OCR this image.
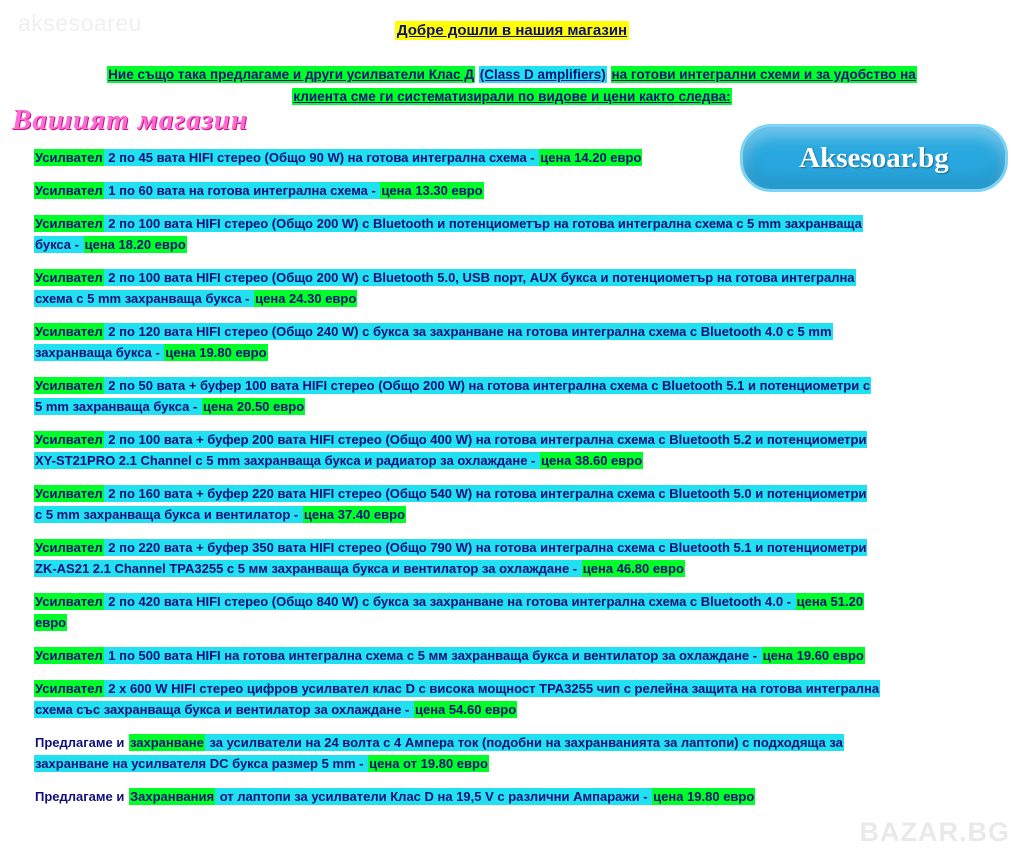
aksesoareu	Добре дошли в нашия магазин
Ние също така предлагаме и други усилватели Клас Д (Class D amplifiers) на готови интегрални схеми и за удобство на
клиента сме ги систематизирали по видове и цени както следва:
Вашият магазин
Aksesoar.bg
Усилвател 2 по 45 вата HIFI стерео (Общо 90 W) на готова интегрална схема - цена 14.20 евро
Усилвател 1 по 60 вата на готова интегрална схема - цена 13.30 евро
Усилвател 2 по 100 вата HIFI стерео (Общо 200 W) с Bluetooth и потенциометър на готова интегрална схема с 5 mm захранваща
букса - цена 18.20 евро
Усилвател 2 по 100 вата HIFI стерео (Общо 200 W) с Bluetooth 5.0, USB порт, AUX букса и потенциометър на готова интегрална
схема с 5 mm захранваща букса - цена 24.30 евро
Усилвател 2 по 120 вата HIFI стерео (Общо 240 W) с букса за захранване на готова интегрална схема с Bluetooth 4.0 с 5 mm
захранваща букса - цена 19.80 евро
Усилвател 2 по 50 вата + буфер 100 вата HIFI стерео (Общо 200 W) на готова интегрална схема с Bluetooth 5.1 и потенциометри с
5 mm захранваща букса - цена 20.50 евро
Усилвател 2 по 100 вата + буфер 200 вата HIFI стерео (Общо 400 W) на готова интегрална схема с Bluetooth 5.2 и потенциометри
XY-ST21PRO 2.1 Channel с 5 mm захранваща букса и радиатор за охлаждане - цена 38.60 евро
Усилвател 2 по 160 вата + буфер 220 вата HIFI стерео (Общо 540 W) на готова интегрална схема с Bluetooth 5.0 и потенциометри
с 5 mm захранваща букса и вентилатор - цена 37.40 евро
Усилвател 2 по 220 вата + буфер 350 вата HIFI стерео (Общо 790 W) на готова интегрална схема с Bluetooth 5.1 и потенциометри
ZK-AS21 2.1 Channel TPA3255 с 5 мм захранваща букса и вентилатор за охлаждане - цена 46.80 евро
Усилвател 2 по 420 вата HIFI стерео (Общо 840 W) с букса за захранване на готова интегрална схема с Bluetooth 4.0 - цена 51.20
евро
Усилвател 1 по 500 вата HIFI на готова интегрална схема с 5 мм захранваща букса и вентилатор за охлаждане - цена 19.60 евро
Усилвател 2 x 600 W HIFI стерео цифров усилвател клас D с висока мощност TPA3255 чип с релейна защита на готова интегрална
схема със захранваща букса и вентилатор за охлаждане - цена 54.60 евро
Предлагаме и захранване за усилватели на 24 волта с 4 Ампера ток (подобни на захранванията за лаптопи) с подходяща за
захранване на усилвателя DC букса размер 5 mm - цена от 19.80 евро
Предлагаме и Захранвания от лаптопи за усилватели Клас D на 19,5 V с различни Ампаражи - цена 19.80 евро
BAZAR.BG
